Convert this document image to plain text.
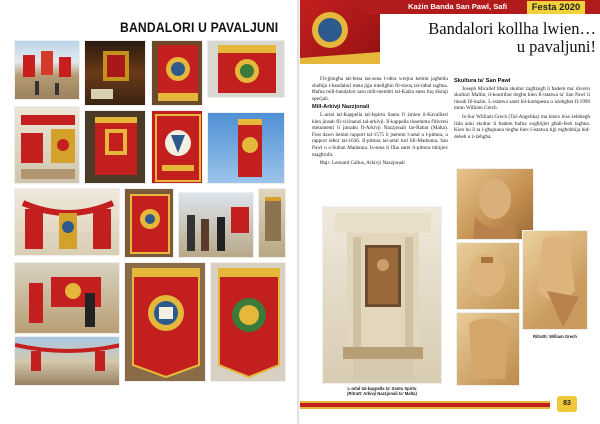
BANDALORI U PAVALJUNI
Każin Banda San Pawl, Safi	Festa 2020
Bandalori kollha lwien…
u pavaljuni!

Fil-ġimgħa tal-festa tas-sena l-oħra wrejna kemm jagħmlu sbuħija l-bandalori meta jiġu mtellgħin fit-toroq tar-raħal tagħna. Ħafna mill-bandalori saru mill-membri tal-Każin stess fuq disinji speċjali.

Mill-Arkivji Nazzjonali

L-artal tal-Kappella tal-Ispirtu Santu fi żmien il-Kavallieri kien jinsab fil-viċinanzi tal-arkivji. Il-kappella tissemma f'diversi dokumenti li jinsabu fl-Arkivji Nazzjonali tar-Rabat (Malta). Fost dawn hemm rapport tal-1575 li jsemmi l-artal u l-pittura, u rapport ieħor tal-1636. Il-pittura tal-artal turi lill-Madonna, San Pawl u s-Sultan Madonna. Is-sena li fiha saret il-pittura mhijiex magħrufa.

Ħajr: Leonard Callus, Arkivji Nazzjonali

Skultura ta' San Pawl

Joseph Micallef bħala skultur żagħżugħ li ħadem ma' diversi skulturi Maltin, il-kontribut tiegħu kien fl-istatwa ta' San Pawl li tinsab fil-każin. L-istatwa saret bil-kartapesta u nżebgħet fl-1998 minn William Grech.

Is-Sur William Grech (Tal-Angelika) ma kienx biss żebbiegħ iżda anki skultur li ħadem ħafna xogħlijiet għall-festi tagħna. Kien hu li ta l-għajnuna tiegħu biex l-istatwa tiġi mgħobbija bid-deheb u ż-żebgħa.

L-artal tal-kappella ta' Santu Spirtu
(Ritratt: Arkivji Nazzjonali ta' Malta)
Ritratti: William Grech
83
